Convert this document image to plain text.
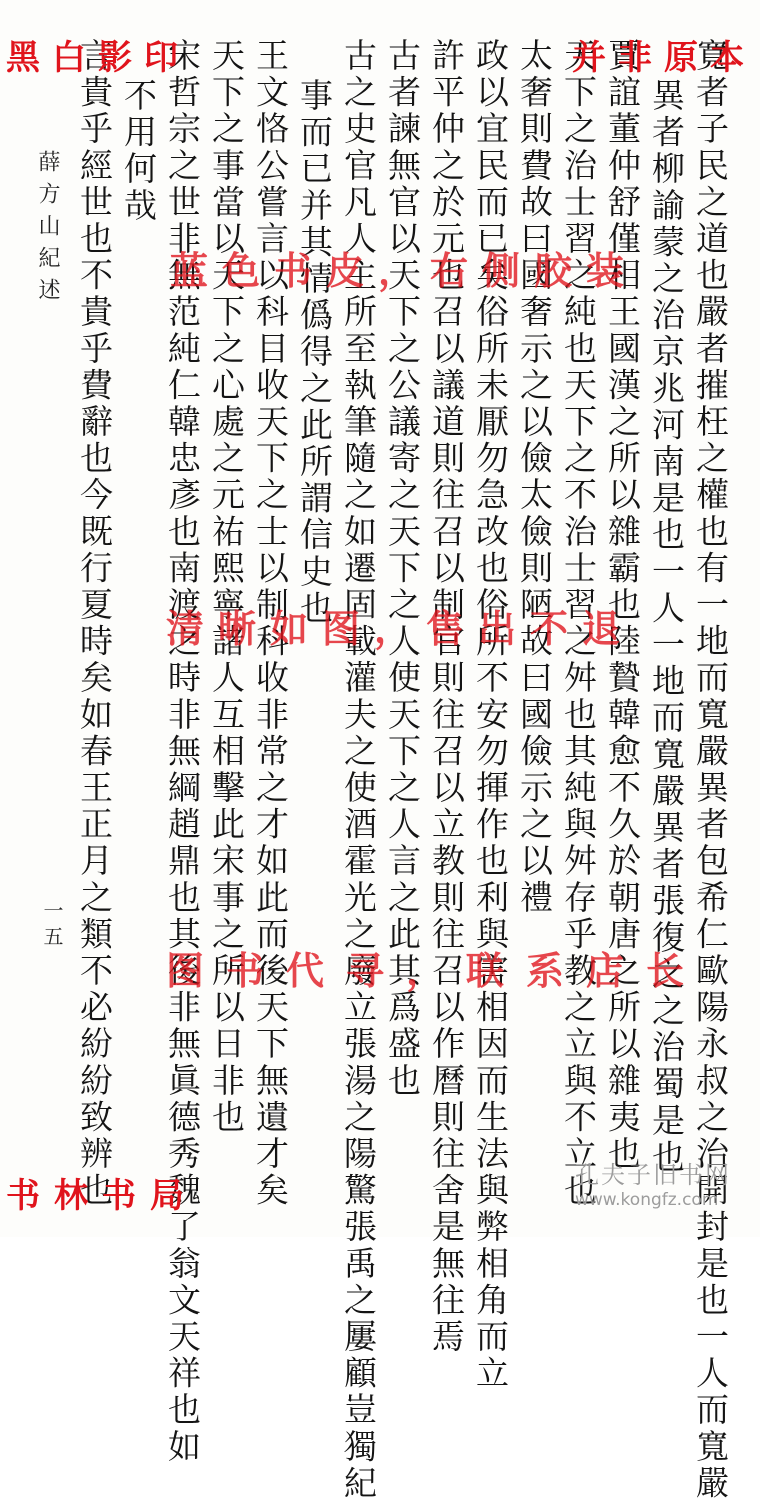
寬者子民之道也嚴者摧枉之權也有一地而寬嚴異者包希仁歐陽永叔之治開封是也一人而寬嚴
異者柳諭蒙之治京兆河南是也一人一地而寬嚴異者張復之之治蜀是也
賈誼董仲舒僅相王國漢之所以雜霸也陸贄韓愈不久於朝唐之所以雜夷也
天下之治士習之純也天下之不治士習之舛也其純與舛存乎教之立與不立也
太奢則費故曰國奢示之以儉太儉則陋故曰國儉示之以禮
政以宜民而已矣俗所未厭勿急改也俗所不安勿揮作也利與害相因而生法與弊相角而立
許平仲之於元也召以議道則往召以制官則往召以立教則往召以作曆則往舍是無往焉
古者諫無官以天下之公議寄之天下之人使天下之人言之此其爲盛也
古之史官凡人主所至執筆隨之如遷固載灌夫之使酒霍光之廢立張湯之陽驚張禹之屢顧豈獨紀
事而已并其情僞得之此所謂信史也
王文恪公嘗言以科目收天下之士以制科收非常之才如此而後天下無遺才矣
天下之事當以天下之心處之元祐熙寧諸人互相擊此宋事之所以日非也
宋哲宗之世非無范純仁韓忠彥也南渡之時非無綱趙鼎也其後非無眞德秀魏了翁文天祥也如
不用何哉
言貴乎經世也不貴乎費辭也今既行夏時矣如春王正月之類不必紛紛致辨也
薛方山紀述
一五
黑白影印	并非原本
蓝色书皮，右侧胶装
清晰如图，售出不退
图书代寻，联系店长
书林书局
孔夫子旧书网
www.kongfz.com
